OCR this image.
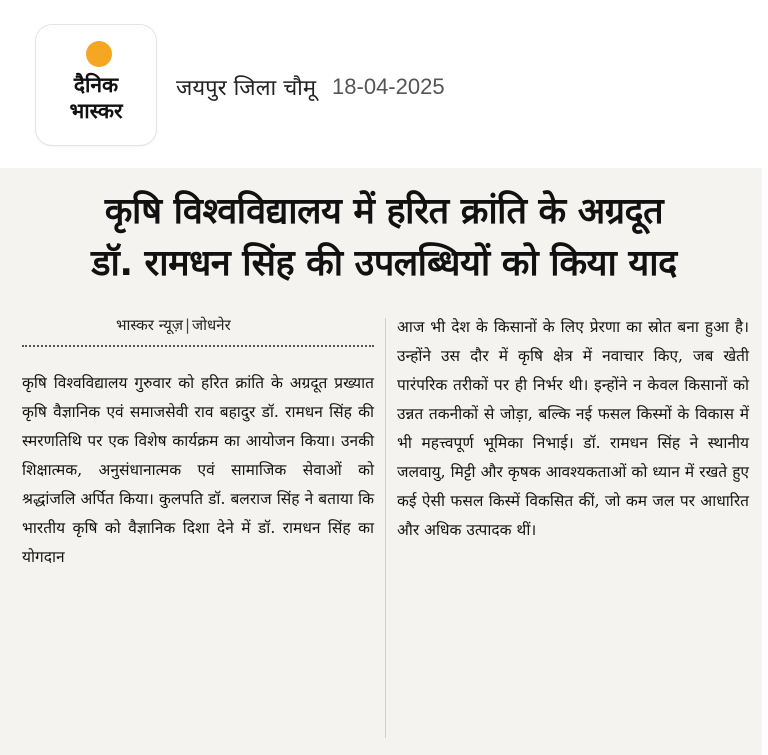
दैनिक
भास्कर
जयपुर जिला चौमू 18-04-2025
कृषि विश्वविद्यालय में हरित क्रांति के अग्रदूत
डॉ. रामधन सिंह की उपलब्धियों को किया याद
भास्कर न्यूज़ | जोधनेर
कृषि विश्वविद्यालय गुरुवार को हरित क्रांति के अग्रदूत प्रख्यात कृषि वैज्ञानिक एवं समाजसेवी राव बहादुर डॉ. रामधन सिंह की स्मरणतिथि पर एक विशेष कार्यक्रम का आयोजन किया। उनकी शिक्षात्मक, अनुसंधानात्मक एवं सामाजिक सेवाओं को श्रद्धांजलि अर्पित किया। कुलपति डॉ. बलराज सिंह ने बताया कि भारतीय कृषि को वैज्ञानिक दिशा देने में डॉ. रामधन सिंह का योगदान
आज भी देश के किसानों के लिए प्रेरणा का स्रोत बना हुआ है। उन्होंने उस दौर में कृषि क्षेत्र में नवाचार किए, जब खेती पारंपरिक तरीकों पर ही निर्भर थी। इन्होंने न केवल किसानों को उन्नत तकनीकों से जोड़ा, बल्कि नई फसल किस्मों के विकास में भी महत्त्वपूर्ण भूमिका निभाई। डॉ. रामधन सिंह ने स्थानीय जलवायु, मिट्टी और कृषक आवश्यकताओं को ध्यान में रखते हुए कई ऐसी फसल किस्में विकसित कीं, जो कम जल पर आधारित और अधिक उत्पादक थीं।
